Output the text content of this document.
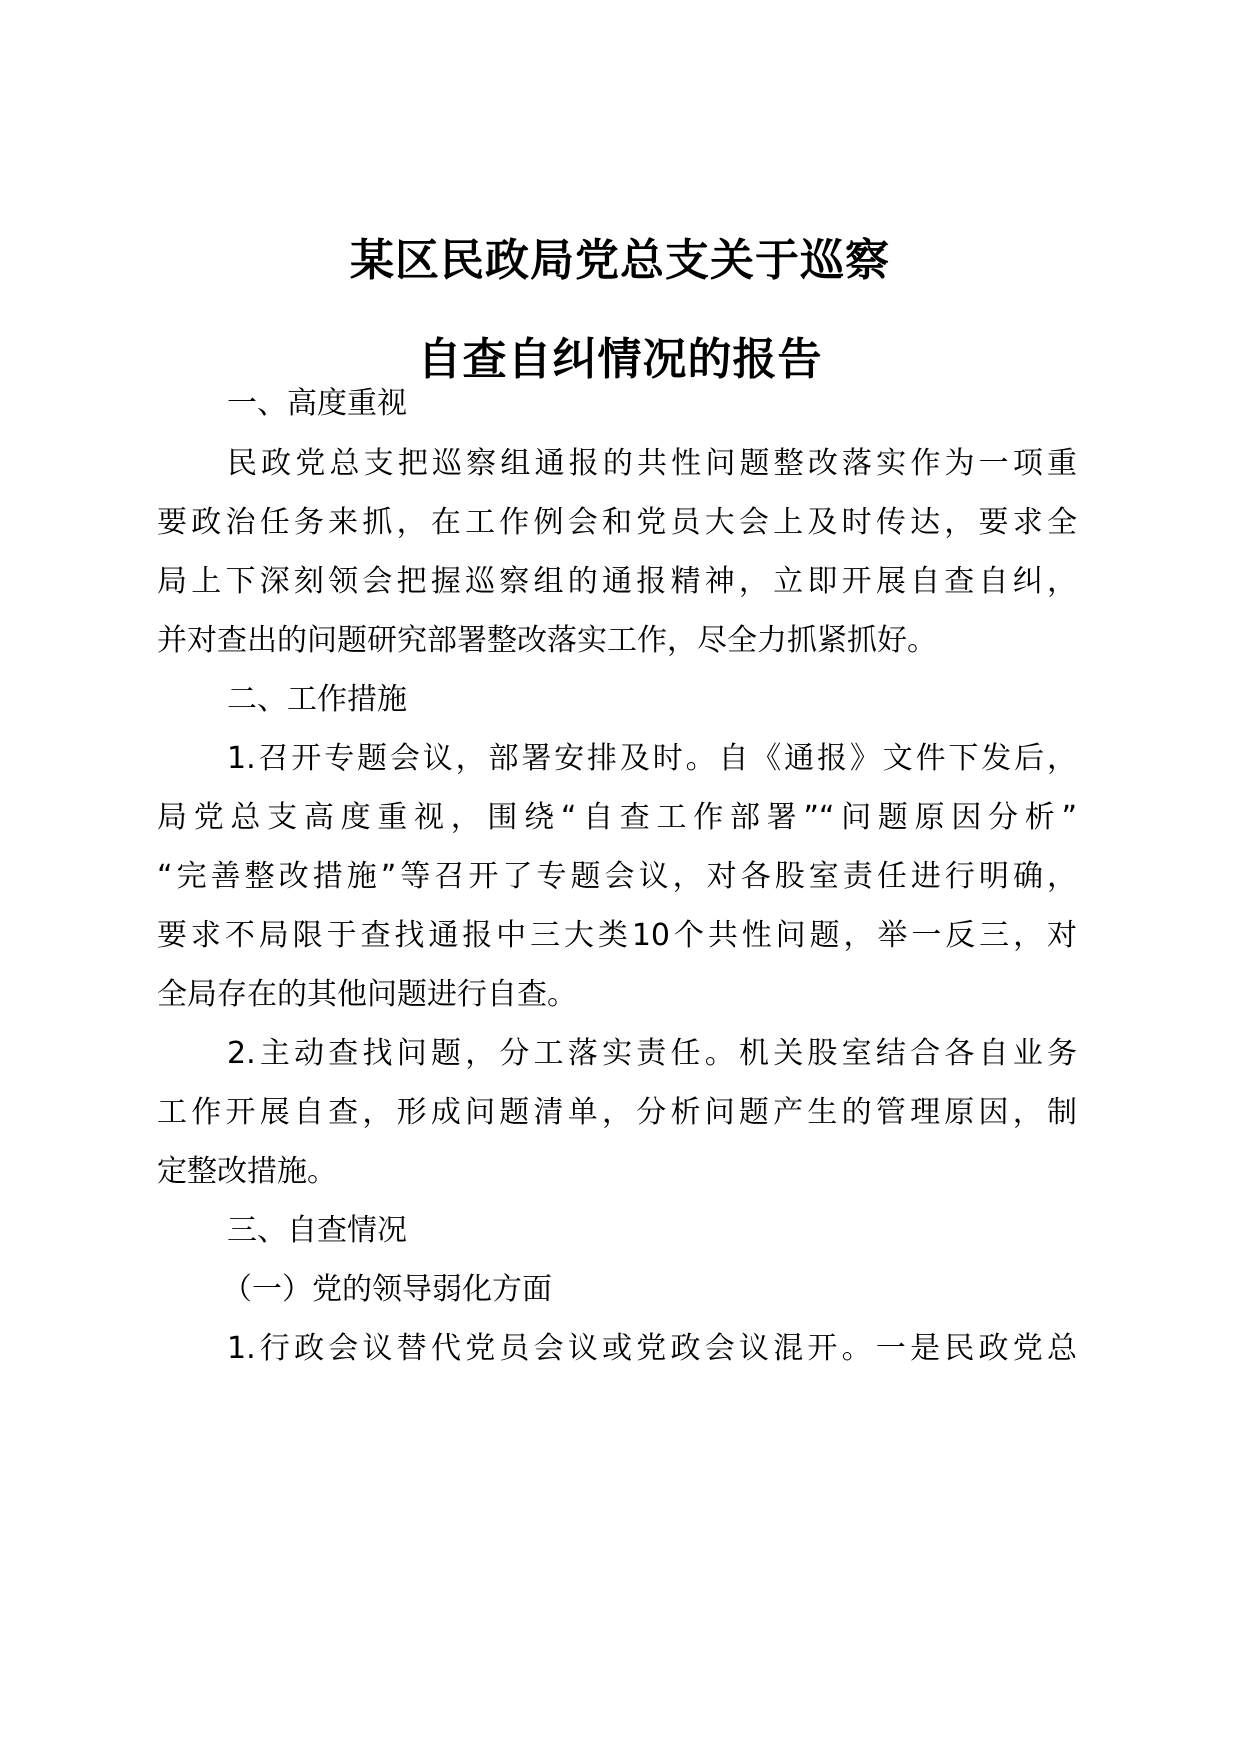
某区民政局党总支关于巡察
自查自纠情况的报告
一、高度重视
民政党总支把巡察组通报的共性问题整改落实作为一项重
要政治任务来抓，在工作例会和党员大会上及时传达，要求全
局上下深刻领会把握巡察组的通报精神，立即开展自查自纠，
并对查出的问题研究部署整改落实工作，尽全力抓紧抓好。
二、工作措施
1.召开专题会议，部署安排及时。自《通报》文件下发后，
局党总支高度重视，围绕“自查工作部署”“问题原因分析”
“完善整改措施”等召开了专题会议，对各股室责任进行明确，
要求不局限于查找通报中三大类10个共性问题，举一反三，对
全局存在的其他问题进行自查。
2.主动查找问题，分工落实责任。机关股室结合各自业务
工作开展自查，形成问题清单，分析问题产生的管理原因，制
定整改措施。
三、自查情况
（一）党的领导弱化方面
1.行政会议替代党员会议或党政会议混开。一是民政党总
